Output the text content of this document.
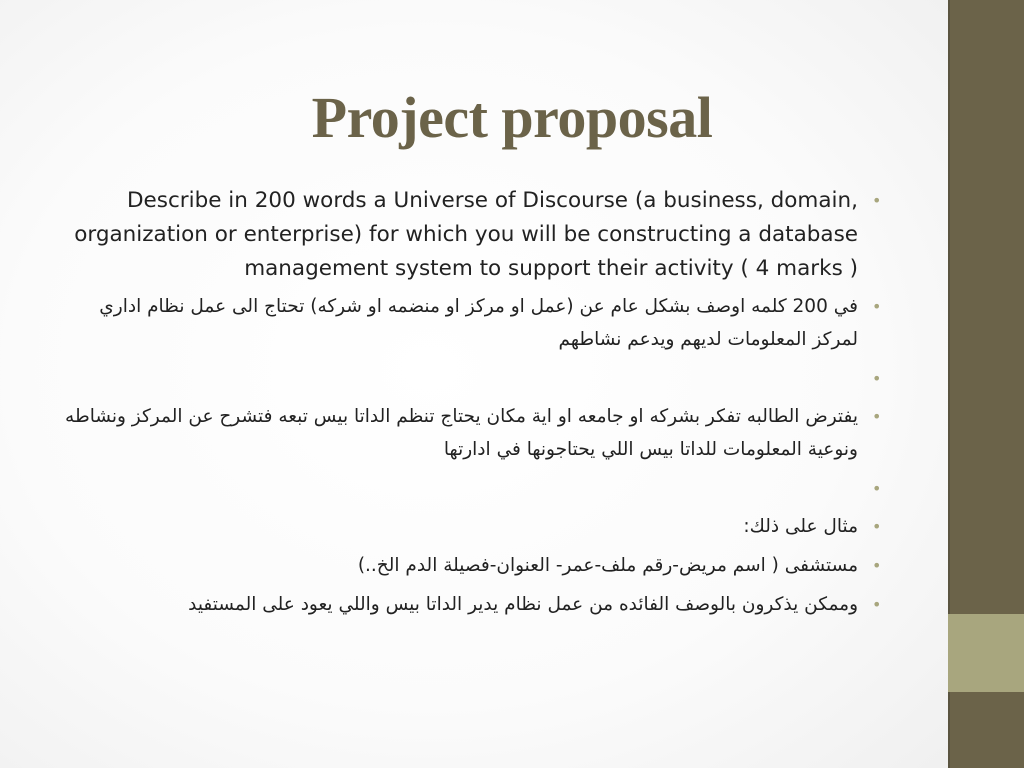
Project proposal
•
Describe in 200 words a Universe of Discourse (a business, domain, organization or enterprise) for which you will be constructing a database management system to support their activity ( 4 marks )
•
في 200 كلمه اوصف بشكل عام عن (عمل او مركز او منضمه او شركه) تحتاج الى عمل نظام اداري لمركز المعلومات لديهم ويدعم نشاطهم
•
•
يفترض الطالبه تفكر بشركه او جامعه او اية مكان يحتاج تنظم الداتا بيس تبعه فتشرح عن المركز ونشاطه ونوعية المعلومات للداتا بيس اللي يحتاجونها في ادارتها
•
•
مثال على ذلك:
•
مستشفى ( اسم مريض-رقم ملف-عمر- العنوان-فصيلة الدم الخ..)
•
وممكن يذكرون بالوصف الفائده من عمل نظام يدير الداتا بيس واللي يعود على المستفيد
